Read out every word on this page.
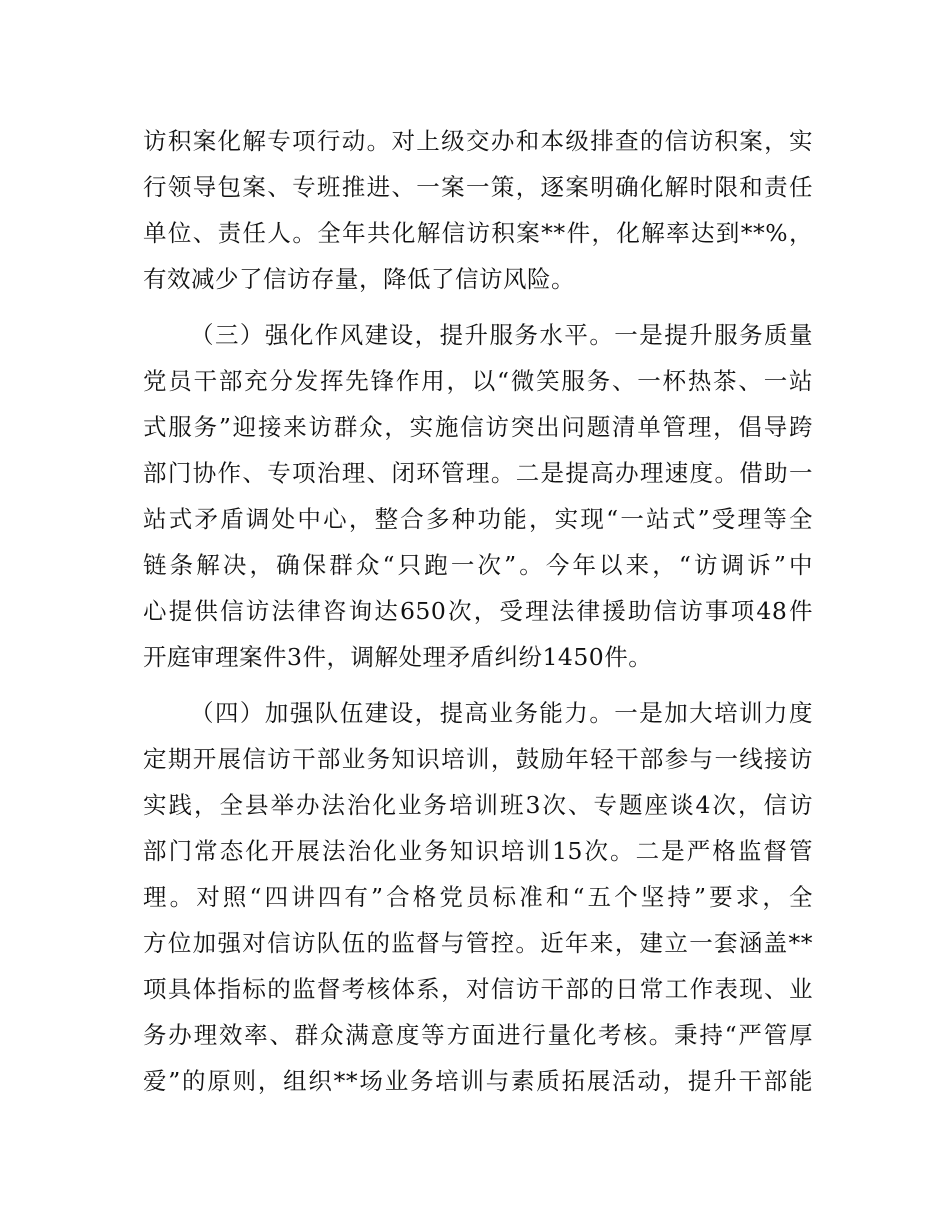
访积案化解专项行动。对上级交办和本级排查的信访积案，实
行领导包案、专班推进、一案一策，逐案明确化解时限和责任
单位、责任人。全年共化解信访积案**件，化解率达到**%，
有效减少了信访存量，降低了信访风险。

（三）强化作风建设，提升服务水平。一是提升服务质量
党员干部充分发挥先锋作用，以“微笑服务、一杯热茶、一站
式服务”迎接来访群众，实施信访突出问题清单管理，倡导跨
部门协作、专项治理、闭环管理。二是提高办理速度。借助一
站式矛盾调处中心，整合多种功能，实现“一站式”受理等全
链条解决，确保群众“只跑一次”。今年以来，“访调诉”中
心提供信访法律咨询达650次，受理法律援助信访事项48件
开庭审理案件3件，调解处理矛盾纠纷1450件。

（四）加强队伍建设，提高业务能力。一是加大培训力度
定期开展信访干部业务知识培训，鼓励年轻干部参与一线接访
实践，全县举办法治化业务培训班3次、专题座谈4次，信访
部门常态化开展法治化业务知识培训15次。二是严格监督管
理。对照“四讲四有”合格党员标准和“五个坚持”要求，全
方位加强对信访队伍的监督与管控。近年来，建立一套涵盖**
项具体指标的监督考核体系，对信访干部的日常工作表现、业
务办理效率、群众满意度等方面进行量化考核。秉持“严管厚
爱”的原则，组织**场业务培训与素质拓展活动，提升干部能
